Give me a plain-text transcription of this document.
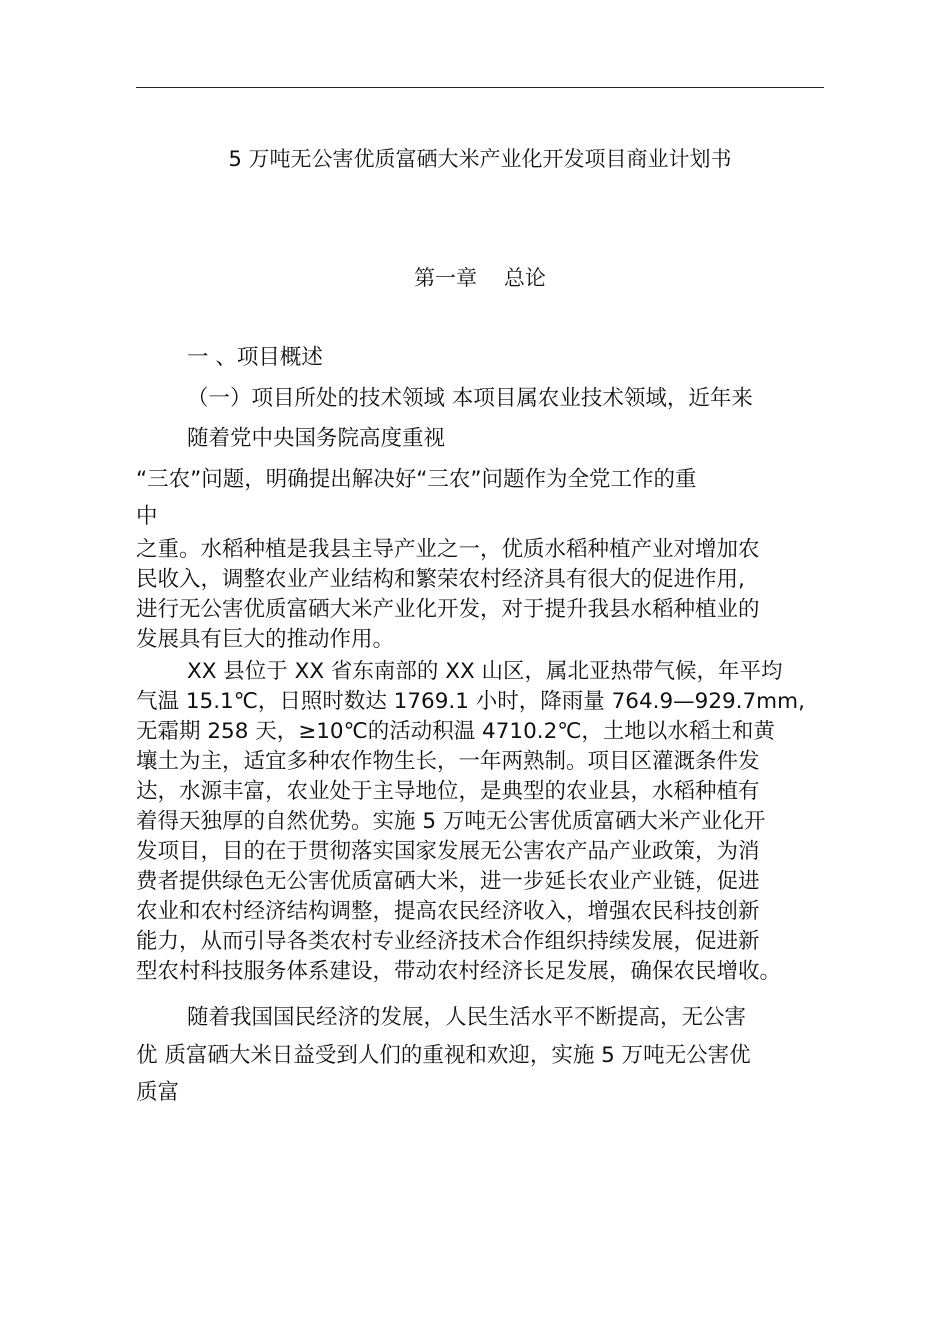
5 万吨无公害优质富硒大米产业化开发项目商业计划书
第一章    总论
一 、项目概述
（一）项目所处的技术领域 本项目属农业技术领域，近年来
随着党中央国务院高度重视
“三农”问题，明确提出解决好“三农”问题作为全党工作的重
中
之重。水稻种植是我县主导产业之一，优质水稻种植产业对增加农
民收入，调整农业产业结构和繁荣农村经济具有很大的促进作用,
进行无公害优质富硒大米产业化开发，对于提升我县水稻种植业的
发展具有巨大的推动作用。
XX 县位于 XX 省东南部的 XX 山区，属北亚热带气候，年平均
气温 15.1℃，日照时数达 1769.1 小时，降雨量 764.9—929.7mm,
无霜期 258 天，≥10℃的活动积温 4710.2℃，土地以水稻土和黄
壤土为主，适宜多种农作物生长，一年两熟制。项目区灌溉条件发
达，水源丰富，农业处于主导地位，是典型的农业县，水稻种植有
着得天独厚的自然优势。实施 5 万吨无公害优质富硒大米产业化开
发项目，目的在于贯彻落实国家发展无公害农产品产业政策，为消
费者提供绿色无公害优质富硒大米，进一步延长农业产业链，促进
农业和农村经济结构调整，提高农民经济收入，增强农民科技创新
能力，从而引导各类农村专业经济技术合作组织持续发展，促进新
型农村科技服务体系建设，带动农村经济长足发展，确保农民增收。
随着我国国民经济的发展，人民生活水平不断提高，无公害
优 质富硒大米日益受到人们的重视和欢迎，实施 5 万吨无公害优
质富
